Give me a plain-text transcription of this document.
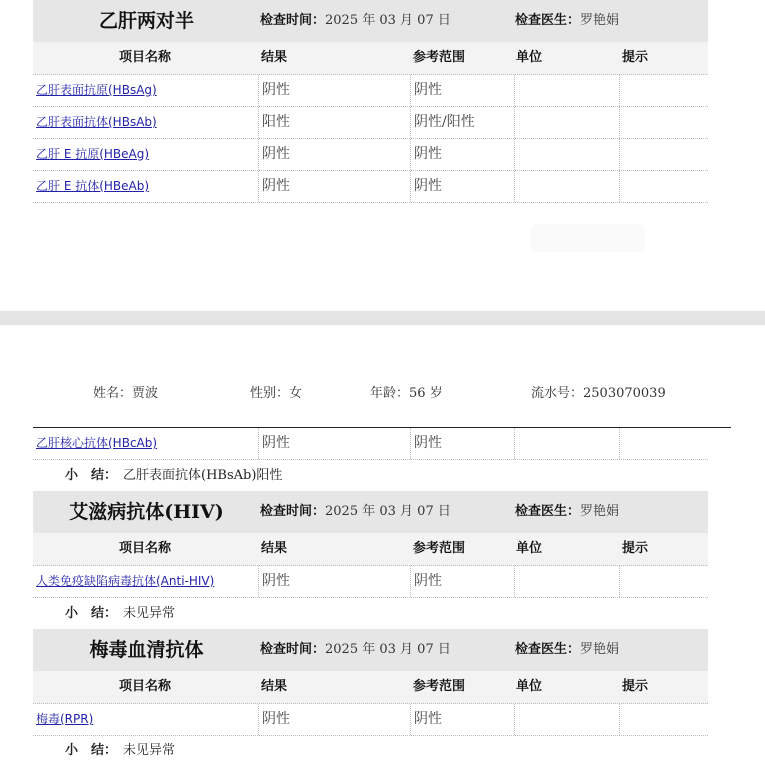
乙肝两对半	检查时间：2025 年 03 月 07 日	检查医生：罗艳娟
项目名称	结果	参考范围	单位	提示
乙肝表面抗原(HBsAg)	阴性	阴性
乙肝表面抗体(HBsAb)	阳性	阴性/阳性
乙肝 E 抗原(HBeAg)	阴性	阴性
乙肝 E 抗体(HBeAb)	阴性	阴性
姓名：贾波	性别：女	年龄：56 岁	流水号：2503070039
乙肝核心抗体(HBcAb)	阴性	阴性
小　结： 乙肝表面抗体(HBsAb)阳性
艾滋病抗体(HIV)	检查时间：2025 年 03 月 07 日	检查医生：罗艳娟
项目名称	结果	参考范围	单位	提示
人类免疫缺陷病毒抗体(Anti-HIV)	阴性	阴性
小　结： 未见异常
梅毒血清抗体	检查时间：2025 年 03 月 07 日	检查医生：罗艳娟
项目名称	结果	参考范围	单位	提示
梅毒(RPR)	阴性	阴性
小　结： 未见异常
